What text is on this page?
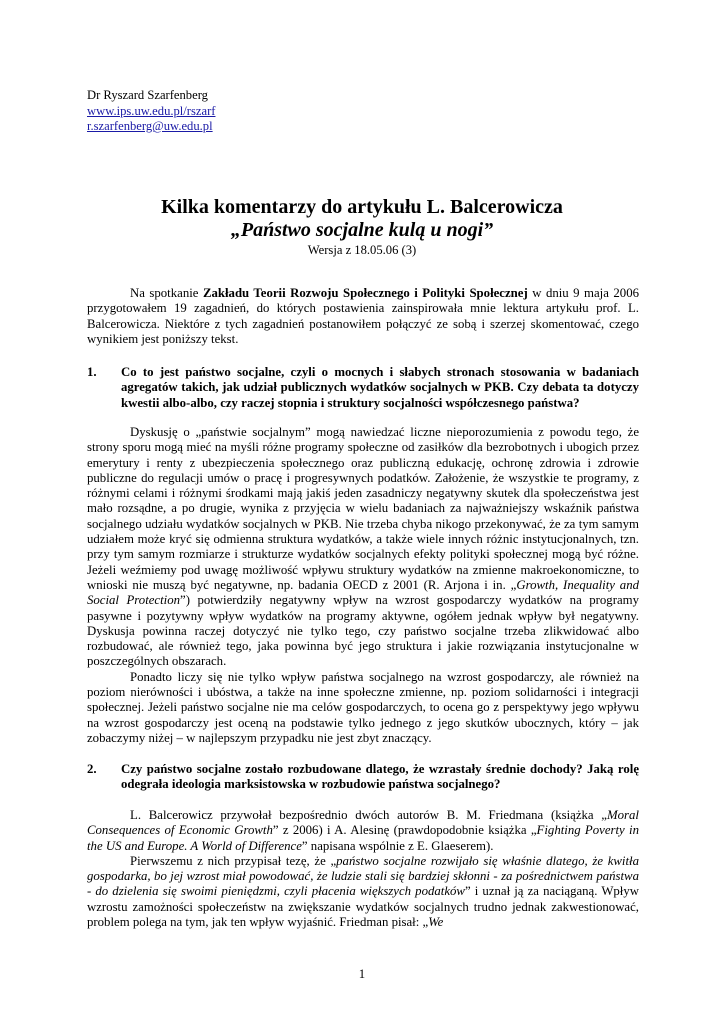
Dr Ryszard Szarfenberg
www.ips.uw.edu.pl/rszarf
r.szarfenberg@uw.edu.pl
Kilka komentarzy do artykułu L. Balcerowicza
„Państwo socjalne kulą u nogi”
Wersja z 18.05.06 (3)

Na spotkanie Zakładu Teorii Rozwoju Społecznego i Polityki Społecznej w dniu 9 maja 2006 przygotowałem 19 zagadnień, do których postawienia zainspirowała mnie lektura artykułu prof. L. Balcerowicza. Niektóre z tych zagadnień postanowiłem połączyć ze sobą i szerzej skomentować, czego wynikiem jest poniższy tekst.

1. Co to jest państwo socjalne, czyli o mocnych i słabych stronach stosowania w badaniach agregatów takich, jak udział publicznych wydatków socjalnych w PKB. Czy debata ta dotyczy kwestii albo-albo, czy raczej stopnia i struktury socjalności współczesnego państwa?

Dyskusję o „państwie socjalnym” mogą nawiedzać liczne nieporozumienia z powodu tego, że strony sporu mogą mieć na myśli różne programy społeczne od zasiłków dla bezrobotnych i ubogich przez emerytury i renty z ubezpieczenia społecznego oraz publiczną edukację, ochronę zdrowia i zdrowie publiczne do regulacji umów o pracę i progresywnych podatków. Założenie, że wszystkie te programy, z różnymi celami i różnymi środkami mają jakiś jeden zasadniczy negatywny skutek dla społeczeństwa jest mało rozsądne, a po drugie, wynika z przyjęcia w wielu badaniach za najważniejszy wskaźnik państwa socjalnego udziału wydatków socjalnych w PKB. Nie trzeba chyba nikogo przekonywać, że za tym samym udziałem może kryć się odmienna struktura wydatków, a także wiele innych różnic instytucjonalnych, tzn. przy tym samym rozmiarze i strukturze wydatków socjalnych efekty polityki społecznej mogą być różne. Jeżeli weźmiemy pod uwagę możliwość wpływu struktury wydatków na zmienne makroekonomiczne, to wnioski nie muszą być negatywne, np. badania OECD z 2001 (R. Arjona i in. „Growth, Inequality and Social Protection”) potwierdziły negatywny wpływ na wzrost gospodarczy wydatków na programy pasywne i pozytywny wpływ wydatków na programy aktywne, ogółem jednak wpływ był negatywny. Dyskusja powinna raczej dotyczyć nie tylko tego, czy państwo socjalne trzeba zlikwidować albo rozbudować, ale również tego, jaka powinna być jego struktura i jakie rozwiązania instytucjonalne w poszczególnych obszarach.

Ponadto liczy się nie tylko wpływ państwa socjalnego na wzrost gospodarczy, ale również na poziom nierówności i ubóstwa, a także na inne społeczne zmienne, np. poziom solidarności i integracji społecznej. Jeżeli państwo socjalne nie ma celów gospodarczych, to ocena go z perspektywy jego wpływu na wzrost gospodarczy jest oceną na podstawie tylko jednego z jego skutków ubocznych, który – jak zobaczymy niżej – w najlepszym przypadku nie jest zbyt znaczący.

2. Czy państwo socjalne zostało rozbudowane dlatego, że wzrastały średnie dochody? Jaką rolę odegrała ideologia marksistowska w rozbudowie państwa socjalnego?

L. Balcerowicz przywołał bezpośrednio dwóch autorów B. M. Friedmana (książka „Moral Consequences of Economic Growth” z 2006) i A. Alesinę (prawdopodobnie książka „Fighting Poverty in the US and Europe. A World of Difference” napisana wspólnie z E. Glaeserem).

Pierwszemu z nich przypisał tezę, że „państwo socjalne rozwijało się właśnie dlatego, że kwitła gospodarka, bo jej wzrost miał powodować, że ludzie stali się bardziej skłonni - za pośrednictwem państwa - do dzielenia się swoimi pieniędzmi, czyli płacenia większych podatków” i uznał ją za naciąganą. Wpływ wzrostu zamożności społeczeństw na zwiększanie wydatków socjalnych trudno jednak zakwestionować, problem polega na tym, jak ten wpływ wyjaśnić. Friedman pisał: „We

1
